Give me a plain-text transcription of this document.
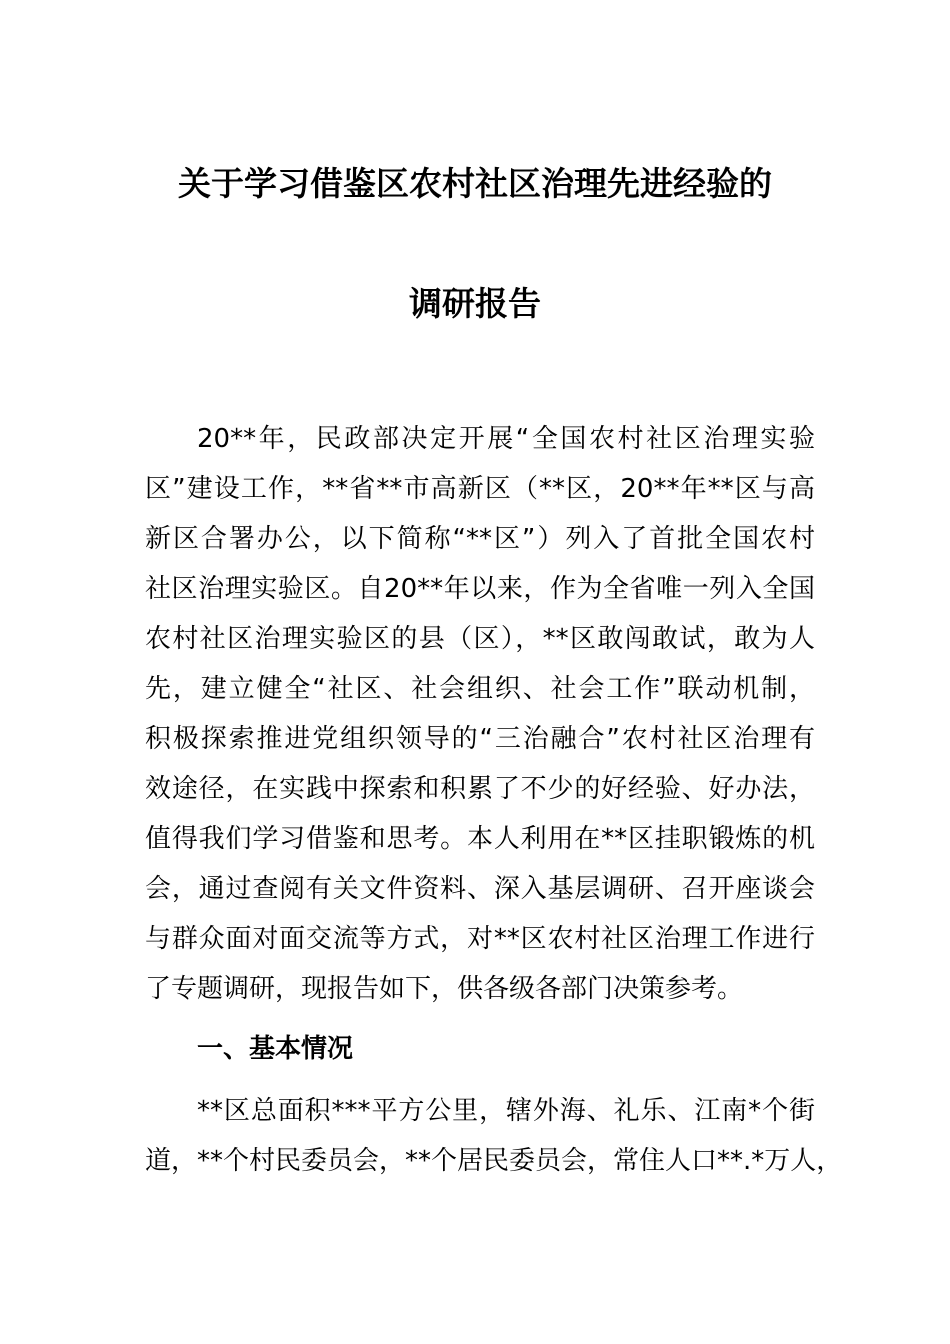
关于学习借鉴区农村社区治理先进经验的
调研报告
20**年，民政部决定开展“全国农村社区治理实验
区”建设工作，**省**市高新区（**区，20**年**区与高
新区合署办公，以下简称“**区”）列入了首批全国农村
社区治理实验区。自20**年以来，作为全省唯一列入全国
农村社区治理实验区的县（区），**区敢闯敢试，敢为人
先，建立健全“社区、社会组织、社会工作”联动机制，
积极探索推进党组织领导的“三治融合”农村社区治理有
效途径，在实践中探索和积累了不少的好经验、好办法，
值得我们学习借鉴和思考。本人利用在**区挂职锻炼的机
会，通过查阅有关文件资料、深入基层调研、召开座谈会
与群众面对面交流等方式，对**区农村社区治理工作进行
了专题调研，现报告如下，供各级各部门决策参考。
一、基本情况
**区总面积***平方公里，辖外海、礼乐、江南*个街
道，**个村民委员会，**个居民委员会，常住人口**.*万人，
